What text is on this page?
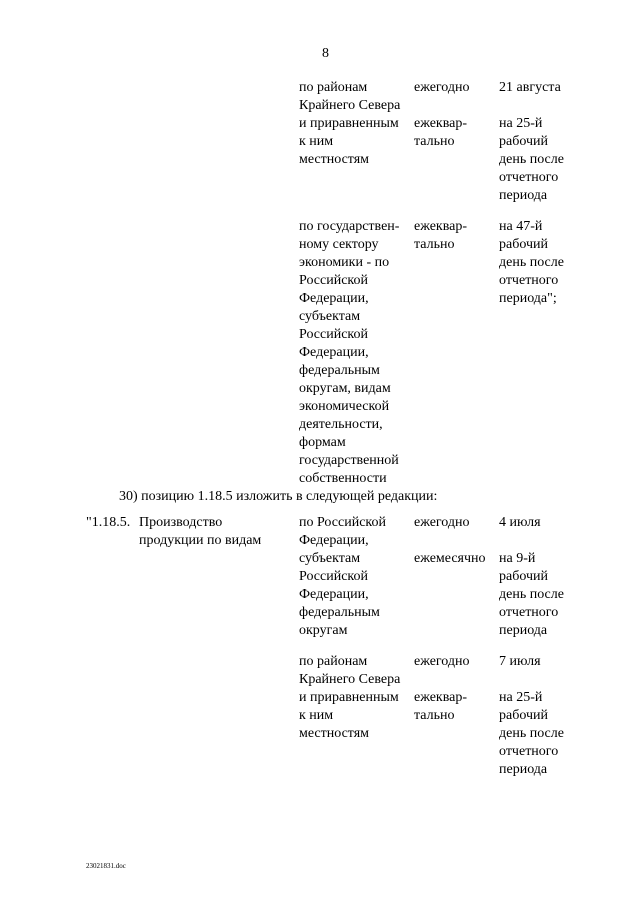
8
по районам
Крайнего Севера
и приравненным
к ним
местностям
ежегодно
ежеквар-
тально
21 августа
на 25-й
рабочий
день после
отчетного
периода
по государствен-
ному сектору
экономики - по
Российской
Федерации,
субъектам
Российской
Федерации,
федеральным
округам, видам
экономической
деятельности,
формам
государственной
собственности
ежеквар-
тально
на 47-й
рабочий
день после
отчетного
периода";
30) позицию 1.18.5 изложить в следующей редакции:
"1.18.5. Производство
продукции по видам
по Российской
Федерации,
субъектам
Российской
Федерации,
федеральным
округам
ежегодно
ежемесячно
4 июля
на 9-й
рабочий
день после
отчетного
периода
по районам
Крайнего Севера
и приравненным
к ним
местностям
ежегодно
ежеквар-
тально
7 июля
на 25-й
рабочий
день после
отчетного
периода
23021831.doc
